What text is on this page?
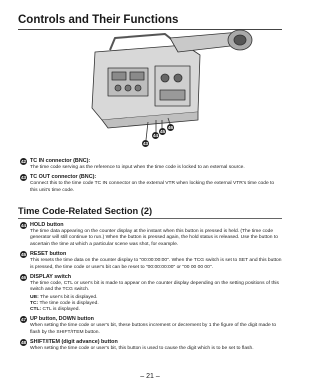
Controls and Their Functions
43
44
45
46
42 TC IN connector (BNC):
The time code serving as the reference to input when the time code is locked to an external source.
43 TC OUT connector (BNC):
Connect this to the time code TC IN connector on the external VTR when locking the external VTR's time code to this unit's time code.
Time Code-Related Section (2)
44 HOLD button
The time data appearing on the counter display at the instant when this button is pressed is held. (The time code generator will still continue to run.) When the button is pressed again, the hold status is released. Use the button to ascertain the time at which a particular scene was shot, for example.
45 RESET button
This resets the time data on the counter display to "00:00:00:00". When the TCG switch is set to SET and this button is pressed, the time code or user's bit can be reset to "00:00:00:00" or "00 00 00 00".
46 DISPLAY switch
The time code, CTL or user's bit is made to appear on the counter display depending on the setting positions of this switch and the TCG switch.
UB: The user's bit is displayed.
TC: The time code is displayed.
CTL: CTL is displayed.
47 UP button, DOWN button
When setting the time code or user's bit, these buttons increment or decrement by 1 the figure of the digit made to flash by the SHIFT/ITEM button.
48 SHIFT/ITEM (digit advance) button
When setting the time code or user's bit, this button is used to cause the digit which is to be set to flash.
– 21 –
